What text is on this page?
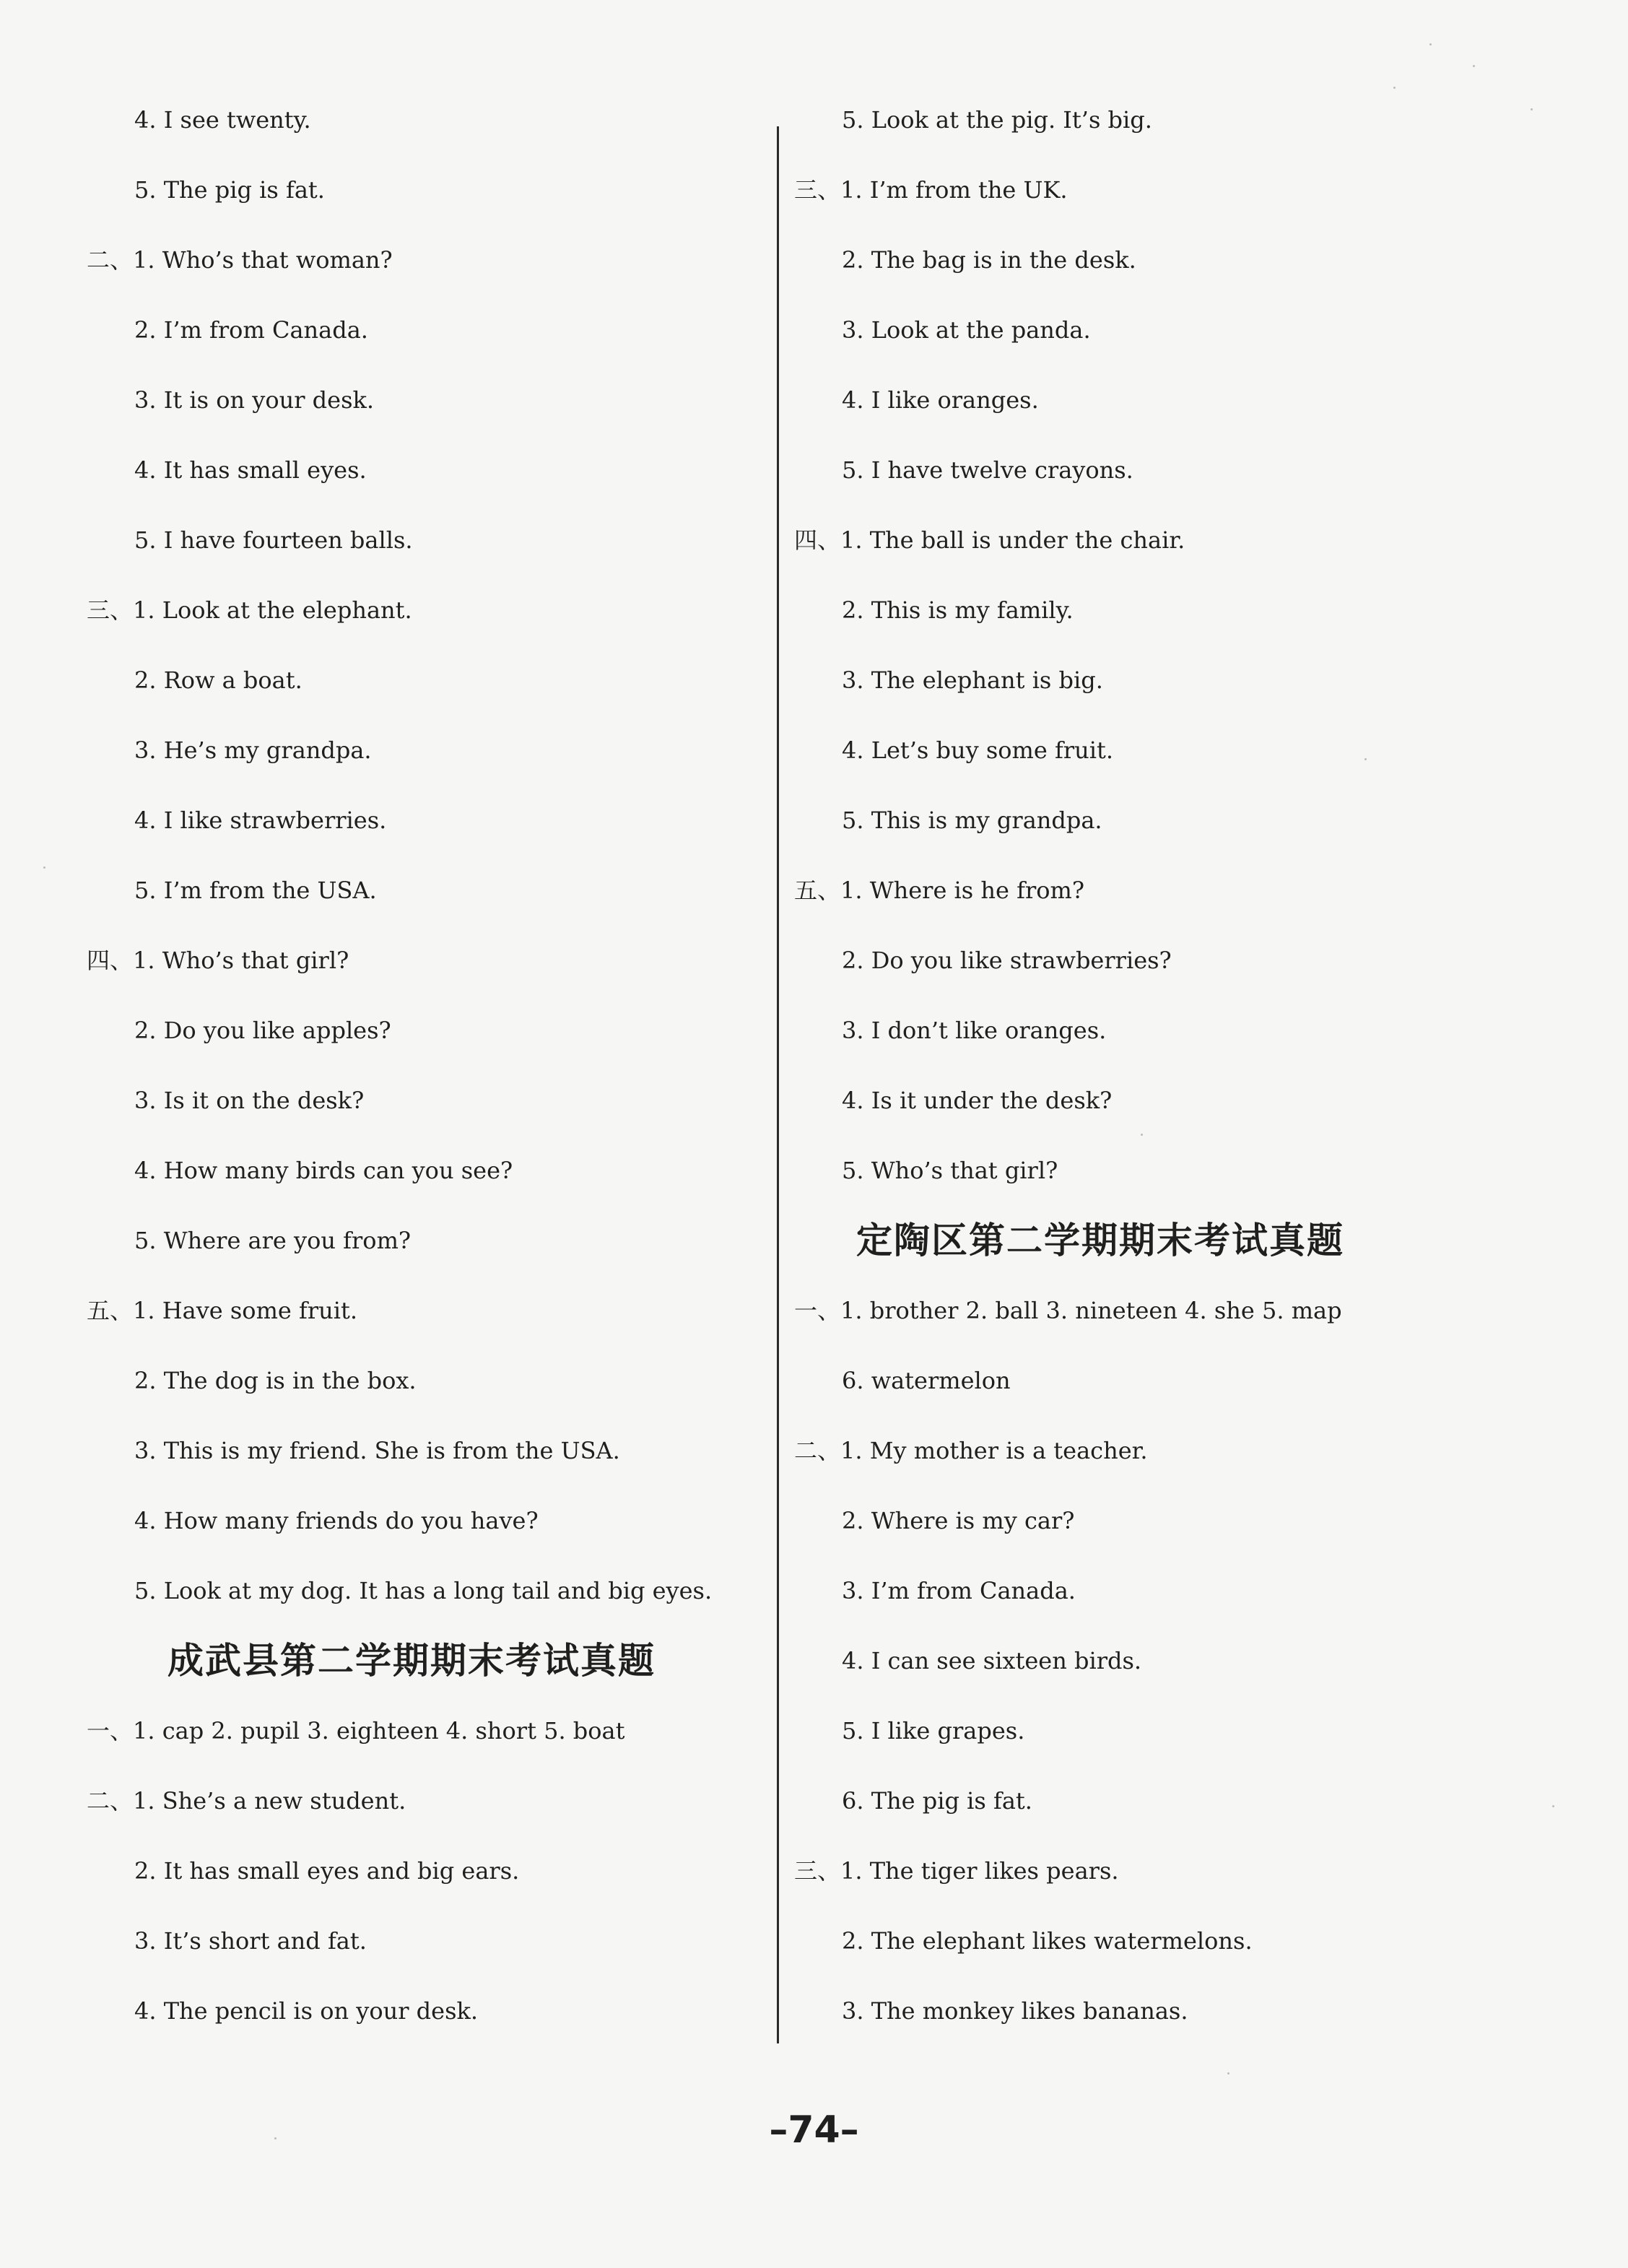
4. I see twenty.
5. The pig is fat.
二、1. Who’s that woman?
2. I’m from Canada.
3. It is on your desk.
4. It has small eyes.
5. I have fourteen balls.
三、1. Look at the elephant.
2. Row a boat.
3. He’s my grandpa.
4. I like strawberries.
5. I’m from the USA.
四、1. Who’s that girl?
2. Do you like apples?
3. Is it on the desk?
4. How many birds can you see?
5. Where are you from?
五、1. Have some fruit.
2. The dog is in the box.
3. This is my friend. She is from the USA.
4. How many friends do you have?
5. Look at my dog. It has a long tail and big eyes.
成武县第二学期期末考试真题
一、1. cap 2. pupil 3. eighteen 4. short 5. boat
二、1. She’s a new student.
2. It has small eyes and big ears.
3. It’s short and fat.
4. The pencil is on your desk.
5. Look at the pig. It’s big.
三、1. I’m from the UK.
2. The bag is in the desk.
3. Look at the panda.
4. I like oranges.
5. I have twelve crayons.
四、1. The ball is under the chair.
2. This is my family.
3. The elephant is big.
4. Let’s buy some fruit.
5. This is my grandpa.
五、1. Where is he from?
2. Do you like strawberries?
3. I don’t like oranges.
4. Is it under the desk?
5. Who’s that girl?
定陶区第二学期期末考试真题
一、1. brother 2. ball 3. nineteen 4. she 5. map
6. watermelon
二、1. My mother is a teacher.
2. Where is my car?
3. I’m from Canada.
4. I can see sixteen birds.
5. I like grapes.
6. The pig is fat.
三、1. The tiger likes pears.
2. The elephant likes watermelons.
3. The monkey likes bananas.
–74–
